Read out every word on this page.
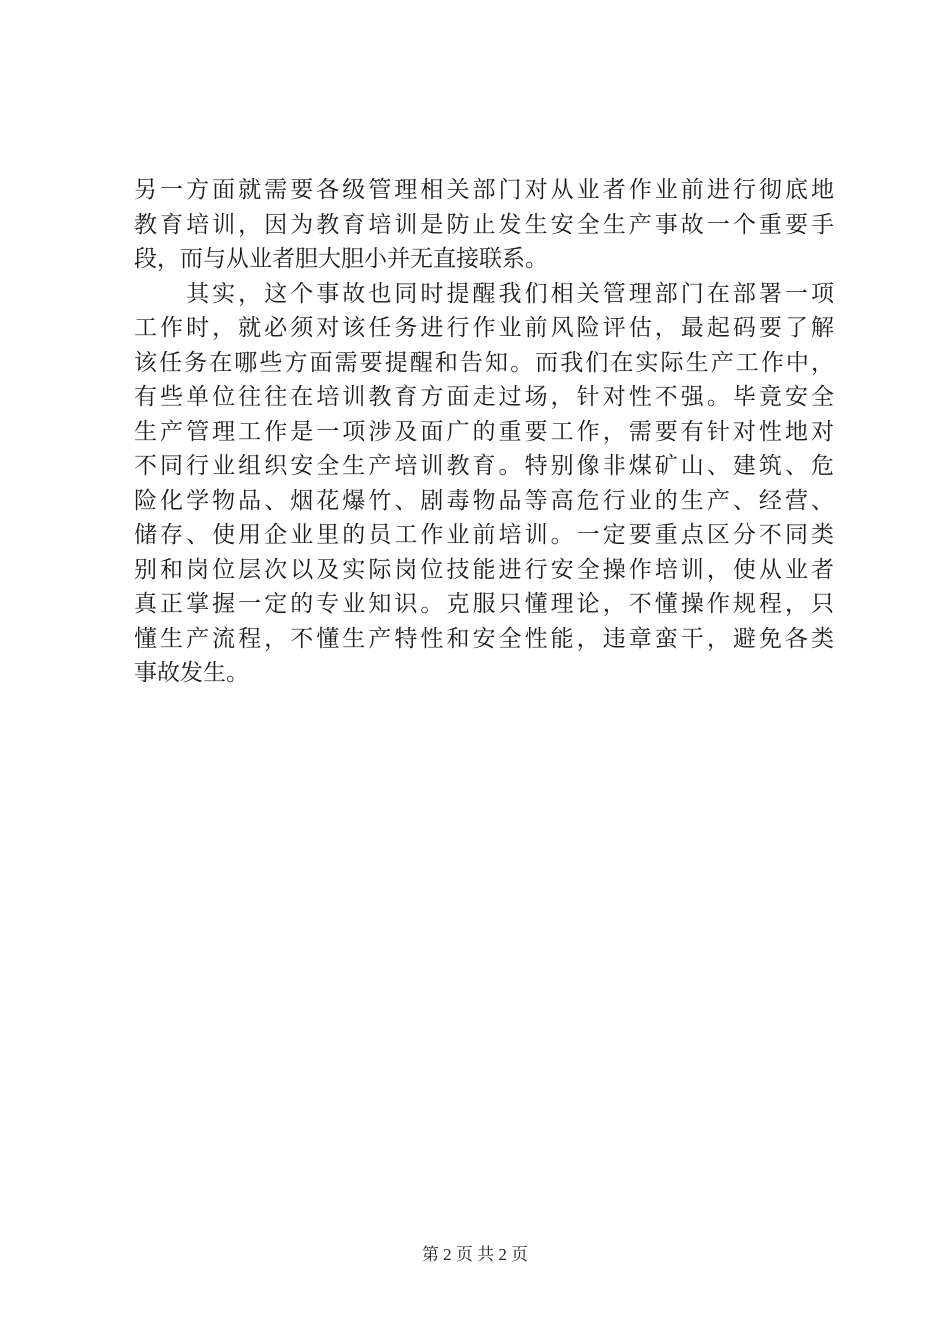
另一方面就需要各级管理相关部门对从业者作业前进行彻底地
教育培训，因为教育培训是防止发生安全生产事故一个重要手
段，而与从业者胆大胆小并无直接联系。
　　其实，这个事故也同时提醒我们相关管理部门在部署一项
工作时，就必须对该任务进行作业前风险评估，最起码要了解
该任务在哪些方面需要提醒和告知。而我们在实际生产工作中，
有些单位往往在培训教育方面走过场，针对性不强。毕竟安全
生产管理工作是一项涉及面广的重要工作，需要有针对性地对
不同行业组织安全生产培训教育。特别像非煤矿山、建筑、危
险化学物品、烟花爆竹、剧毒物品等高危行业的生产、经营、
储存、使用企业里的员工作业前培训。一定要重点区分不同类
别和岗位层次以及实际岗位技能进行安全操作培训，使从业者
真正掌握一定的专业知识。克服只懂理论，不懂操作规程，只
懂生产流程，不懂生产特性和安全性能，违章蛮干，避免各类
事故发生。
第 2 页 共 2 页
